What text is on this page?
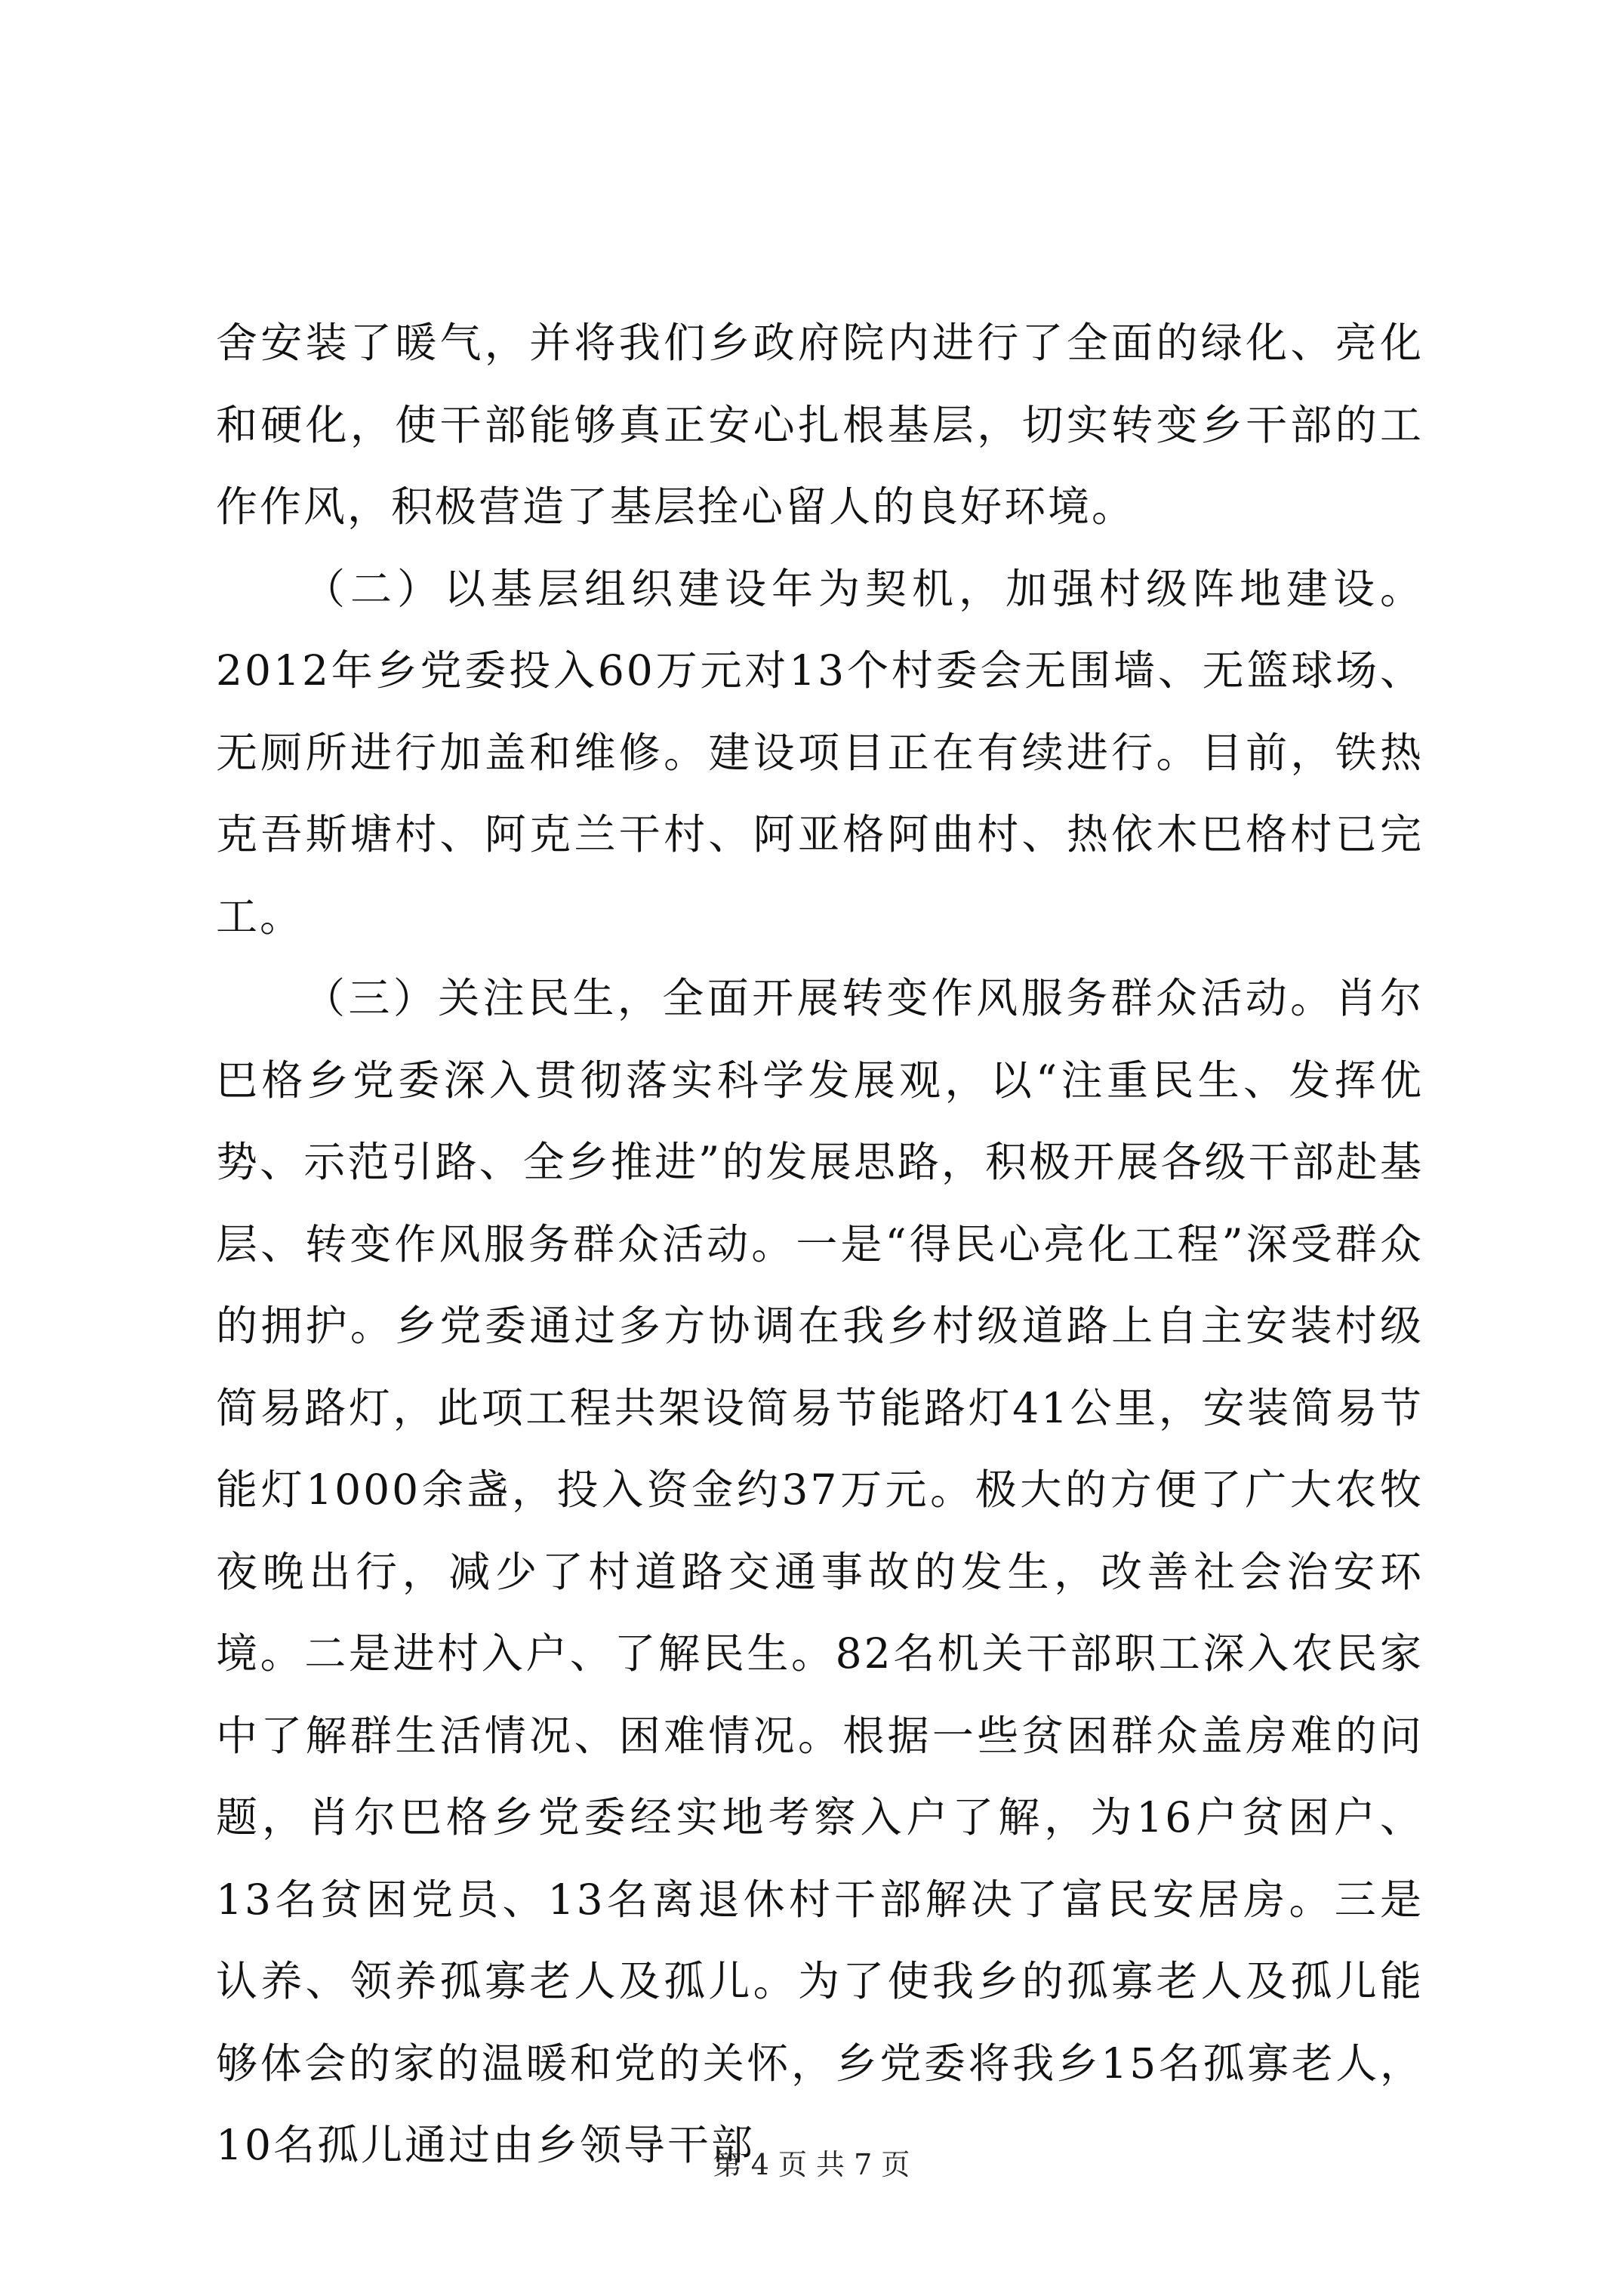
舍安装了暖气，并将我们乡政府院内进行了全面的绿化、亮化和硬化，使干部能够真正安心扎根基层，切实转变乡干部的工作作风，积极营造了基层拴心留人的良好环境。

（二）以基层组织建设年为契机，加强村级阵地建设。2012年乡党委投入60万元对13个村委会无围墙、无篮球场、无厕所进行加盖和维修。建设项目正在有续进行。目前，铁热克吾斯塘村、阿克兰干村、阿亚格阿曲村、热依木巴格村已完工。

（三）关注民生，全面开展转变作风服务群众活动。肖尔巴格乡党委深入贯彻落实科学发展观，以“注重民生、发挥优势、示范引路、全乡推进”的发展思路，积极开展各级干部赴基层、转变作风服务群众活动。一是“得民心亮化工程”深受群众的拥护。乡党委通过多方协调在我乡村级道路上自主安装村级简易路灯，此项工程共架设简易节能路灯41公里，安装简易节能灯1000余盏，投入资金约37万元。极大的方便了广大农牧夜晚出行，减少了村道路交通事故的发生，改善社会治安环境。二是进村入户、了解民生。82名机关干部职工深入农民家中了解群生活情况、困难情况。根据一些贫困群众盖房难的问题，肖尔巴格乡党委经实地考察入户了解，为16户贫困户、13名贫困党员、13名离退休村干部解决了富民安居房。三是认养、领养孤寡老人及孤儿。为了使我乡的孤寡老人及孤儿能够体会的家的温暖和党的关怀，乡党委将我乡15名孤寡老人，10名孤儿通过由乡领导干部

第 4 页 共 7 页
